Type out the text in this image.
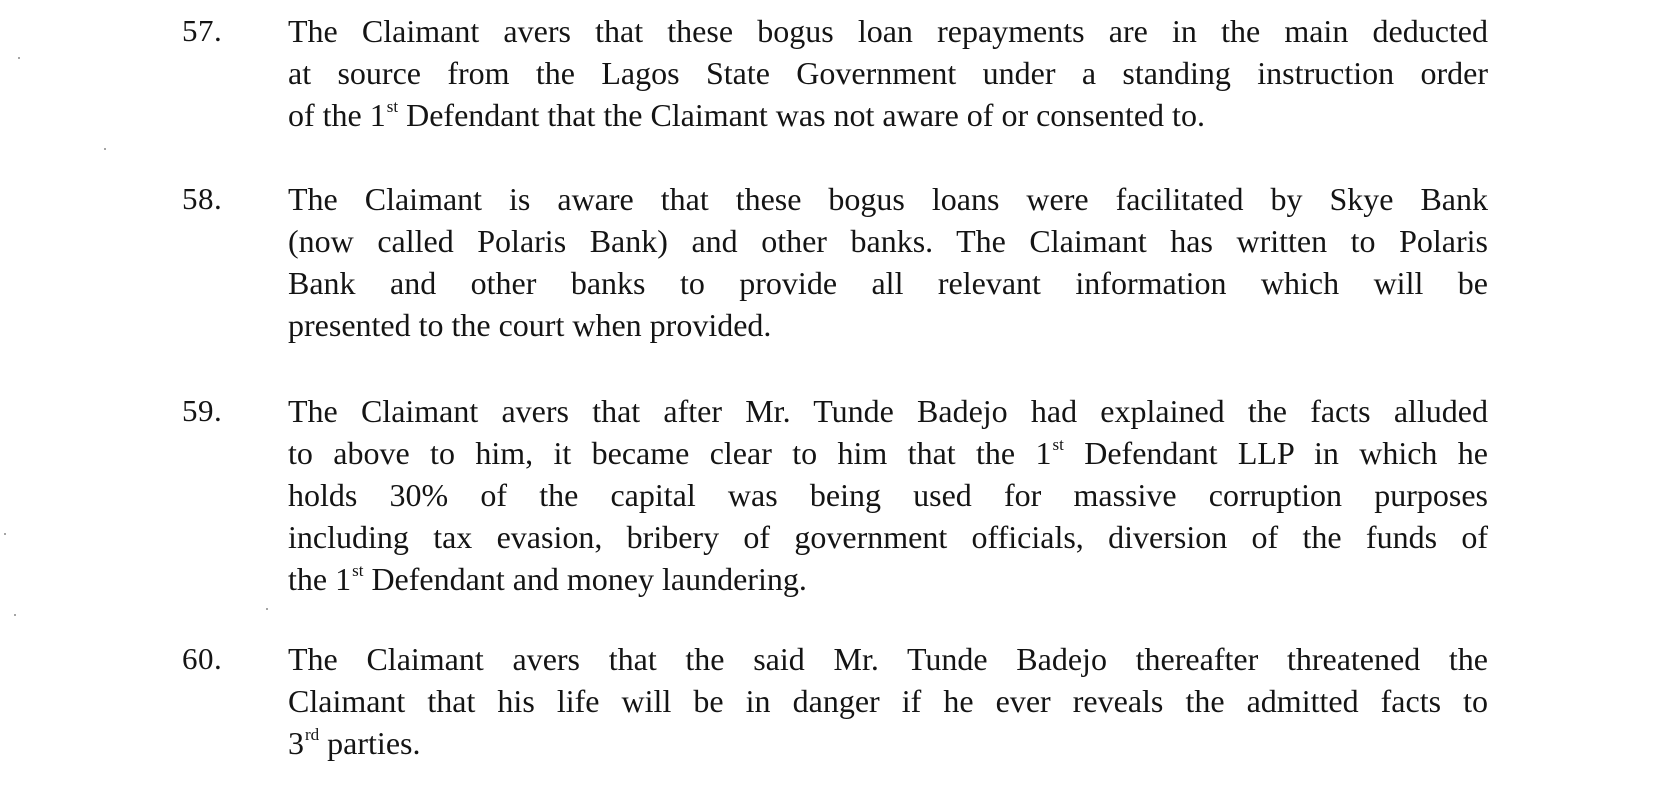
57. The Claimant avers that these bogus loan repayments are in the main deducted
at source from the Lagos State Government under a standing instruction order
of the 1st Defendant that the Claimant was not aware of or consented to.
58. The Claimant is aware that these bogus loans were facilitated by Skye Bank
(now called Polaris Bank) and other banks. The Claimant has written to Polaris
Bank and other banks to provide all relevant information which will be
presented to the court when provided.
59. The Claimant avers that after Mr. Tunde Badejo had explained the facts alluded
to above to him, it became clear to him that the 1st Defendant LLP in which he
holds 30% of the capital was being used for massive corruption purposes
including tax evasion, bribery of government officials, diversion of the funds of
the 1st Defendant and money laundering.
60. The Claimant avers that the said Mr. Tunde Badejo thereafter threatened the
Claimant that his life will be in danger if he ever reveals the admitted facts to
3rd parties.
